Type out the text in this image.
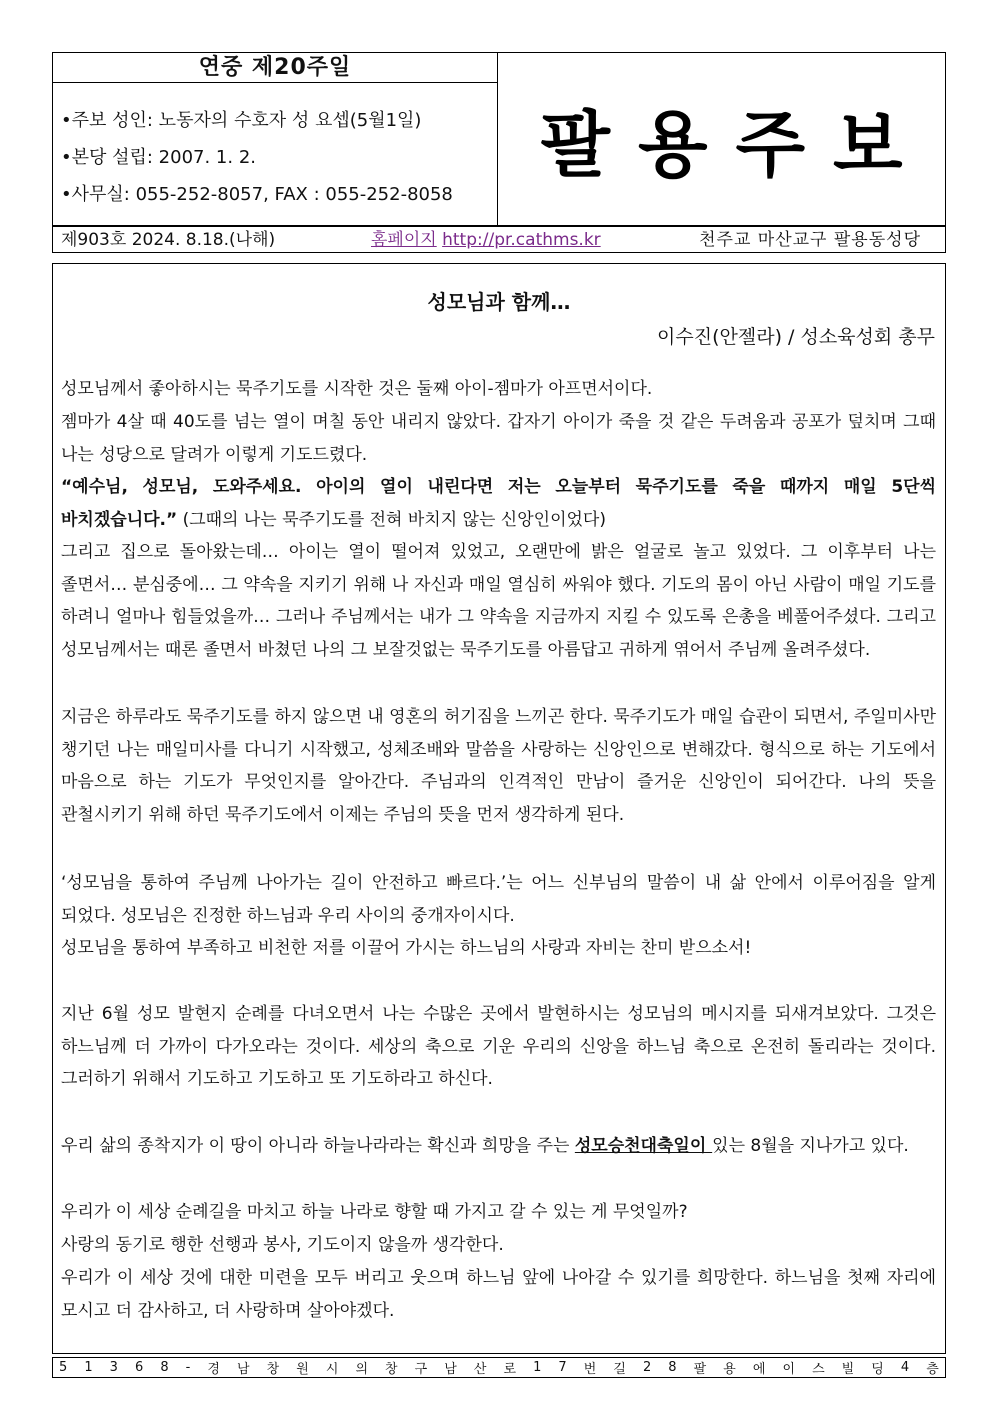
연중 제20주일
•주보 성인: 노동자의 수호자 성 요셉(5월1일)
•본당 설립: 2007. 1. 2.
•사무실: 055-252-8057, FAX : 055-252-8058
팔용주보
제903호 2024. 8.18.(나해)	홈페이지 http://pr.cathms.kr	천주교 마산교구 팔용동성당
성모님과 함께…
이수진(안젤라) / 성소육성회 총무

성모님께서 좋아하시는 묵주기도를 시작한 것은 둘째 아이-젬마가 아프면서이다.

젬마가 4살 때 40도를 넘는 열이 며칠 동안 내리지 않았다. 갑자기 아이가 죽을 것 같은 두려움과 공포가 덮치며 그때 나는 성당으로 달려가 이렇게 기도드렸다.

“예수님, 성모님, 도와주세요. 아이의 열이 내린다면 저는 오늘부터 묵주기도를 죽을 때까지 매일 5단씩 바치겠습니다.” (그때의 나는 묵주기도를 전혀 바치지 않는 신앙인이었다)

그리고 집으로 돌아왔는데… 아이는 열이 떨어져 있었고, 오랜만에 밝은 얼굴로 놀고 있었다. 그 이후부터 나는 졸면서… 분심중에… 그 약속을 지키기 위해 나 자신과 매일 열심히 싸워야 했다. 기도의 몸이 아닌 사람이 매일 기도를 하려니 얼마나 힘들었을까… 그러나 주님께서는 내가 그 약속을 지금까지 지킬 수 있도록 은총을 베풀어주셨다. 그리고 성모님께서는 때론 졸면서 바쳤던 나의 그 보잘것없는 묵주기도를 아름답고 귀하게 엮어서 주님께 올려주셨다.

지금은 하루라도 묵주기도를 하지 않으면 내 영혼의 허기짐을 느끼곤 한다. 묵주기도가 매일 습관이 되면서, 주일미사만 챙기던 나는 매일미사를 다니기 시작했고, 성체조배와 말씀을 사랑하는 신앙인으로 변해갔다. 형식으로 하는 기도에서 마음으로 하는 기도가 무엇인지를 알아간다. 주님과의 인격적인 만남이 즐거운 신앙인이 되어간다. 나의 뜻을 관철시키기 위해 하던 묵주기도에서 이제는 주님의 뜻을 먼저 생각하게 된다.

‘성모님을 통하여 주님께 나아가는 길이 안전하고 빠르다.’는 어느 신부님의 말씀이 내 삶 안에서 이루어짐을 알게 되었다. 성모님은 진정한 하느님과 우리 사이의 중개자이시다.

성모님을 통하여 부족하고 비천한 저를 이끌어 가시는 하느님의 사랑과 자비는 찬미 받으소서!

지난 6월 성모 발현지 순례를 다녀오면서 나는 수많은 곳에서 발현하시는 성모님의 메시지를 되새겨보았다. 그것은 하느님께 더 가까이 다가오라는 것이다. 세상의 축으로 기운 우리의 신앙을 하느님 축으로 온전히 돌리라는 것이다. 그러하기 위해서 기도하고 기도하고 또 기도하라고 하신다.

우리 삶의 종착지가 이 땅이 아니라 하늘나라라는 확신과 희망을 주는 성모승천대축일이 있는 8월을 지나가고 있다.

우리가 이 세상 순례길을 마치고 하늘 나라로 향할 때 가지고 갈 수 있는 게 무엇일까?

사랑의 동기로 행한 선행과 봉사, 기도이지 않을까 생각한다.

우리가 이 세상 것에 대한 미련을 모두 버리고 웃으며 하느님 앞에 나아갈 수 있기를 희망한다. 하느님을 첫째 자리에 모시고 더 감사하고, 더 사랑하며 살아야겠다.

5 1 3 6 8 - 경 남 창 원 시 의 창 구 남 산 로 1 7 번 길 2 8 팔 용 에 이 스 빌 딩 4 층
